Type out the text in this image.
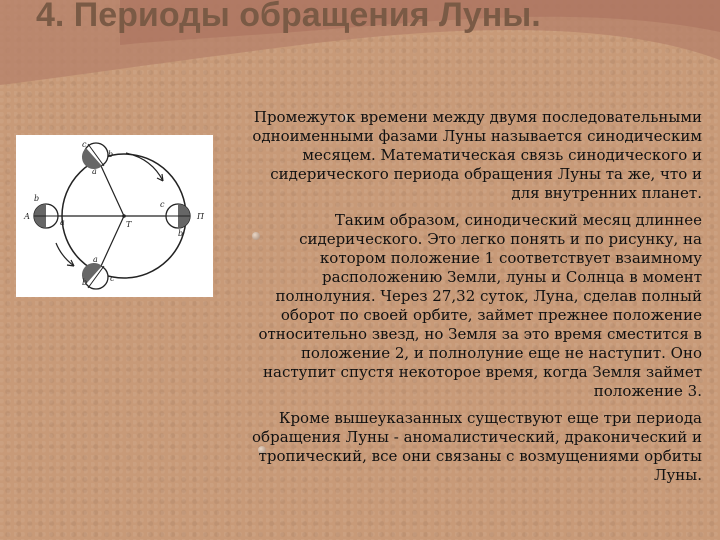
4. Периоды обращения Луны.
А
b
а
с
b
а
Т
с
b
П
а
b	с

Промежуток времени между двумя последовательными одноименными фазами Луны называется синодическим месяцем. Математическая связь синодического и сидерического периода обращения Луны та же, что и для внутренних планет.

Таким образом, синодический месяц длиннее сидерического. Это легко понять и по рисунку, на котором положение 1 соответствует взаимному расположению Земли, луны и Солнца в момент полнолуния. Через 27,32 суток, Луна, сделав полный оборот по своей орбите, займет прежнее положение относительно звезд, но Земля за это время сместится в положение 2, и полнолуние еще не наступит. Оно наступит спустя некоторое время, когда Земля займет положение 3.

Кроме вышеуказанных существуют еще три периода обращения Луны - аномалистический, драконический и тропический, все они связаны с возмущениями орбиты Луны.
